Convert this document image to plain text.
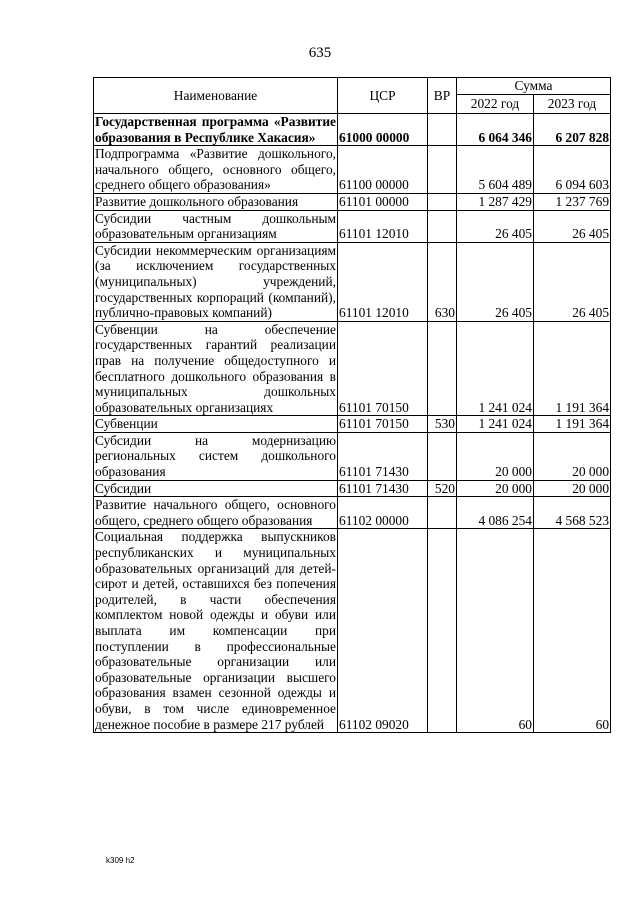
635
Наименование	ЦСР	ВР	Сумма	
			2022 год	2023 год
Государственная программа «Развитие образования в Республике Хакасия»	61000 00000		6 064 346	6 207 828
Подпрограмма «Развитие дошкольного, начального общего, основного общего, среднего общего образования»	61100 00000		5 604 489	6 094 603
Развитие дошкольного образования	61101 00000		1 287 429	1 237 769
Субсидии частным дошкольным образовательным организациям	61101 12010		26 405	26 405
Субсидии некоммерческим организациям (за исключением государственных (муниципальных) учреждений, государственных корпораций (компаний), публично-правовых компаний)	61101 12010	630	26 405	26 405
Субвенции на обеспечение государственных гарантий реализации прав на получение общедоступного и бесплатного дошкольного образования в муниципальных дошкольных образовательных организациях	61101 70150		1 241 024	1 191 364
Субвенции	61101 70150	530	1 241 024	1 191 364
Субсидии на модернизацию региональных систем дошкольного образования	61101 71430		20 000	20 000
Субсидии	61101 71430	520	20 000	20 000
Развитие начального общего, основного общего, среднего общего образования	61102 00000		4 086 254	4 568 523
Социальная поддержка выпускников республиканских и муниципальных образовательных организаций для детей-сирот и детей, оставшихся без попечения родителей, в части обеспечения комплектом новой одежды и обуви или выплата им компенсации при поступлении в профессиональные образовательные организации или образовательные организации высшего образования взамен сезонной одежды и обуви, в том числе единовременное денежное пособие в размере 217 рублей	61102 09020		60	60
k309 h2
